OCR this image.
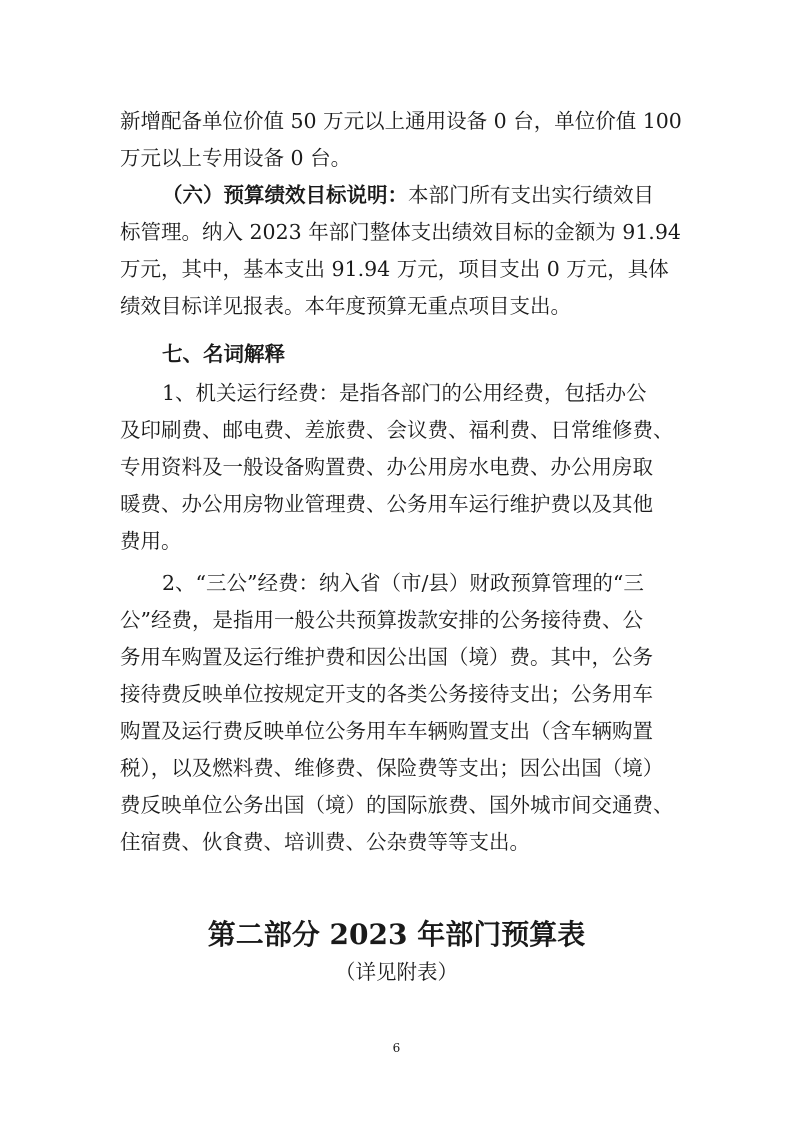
新增配备单位价值 50 万元以上通用设备 0 台，单位价值 100
万元以上专用设备 0 台。
（六）预算绩效目标说明：本部门所有支出实行绩效目
标管理。纳入 2023 年部门整体支出绩效目标的金额为 91.94
万元，其中，基本支出 91.94 万元，项目支出 0 万元，具体
绩效目标详见报表。本年度预算无重点项目支出。
七、名词解释
1、机关运行经费：是指各部门的公用经费，包括办公
及印刷费、邮电费、差旅费、会议费、福利费、日常维修费、
专用资料及一般设备购置费、办公用房水电费、办公用房取
暖费、办公用房物业管理费、公务用车运行维护费以及其他
费用。
2、“三公”经费：纳入省（市/县）财政预算管理的“三
公”经费，是指用一般公共预算拨款安排的公务接待费、公
务用车购置及运行维护费和因公出国（境）费。其中，公务
接待费反映单位按规定开支的各类公务接待支出；公务用车
购置及运行费反映单位公务用车车辆购置支出（含车辆购置
税），以及燃料费、维修费、保险费等支出；因公出国（境）
费反映单位公务出国（境）的国际旅费、国外城市间交通费、
住宿费、伙食费、培训费、公杂费等等支出。
第二部分 2023 年部门预算表
（详见附表）
6
